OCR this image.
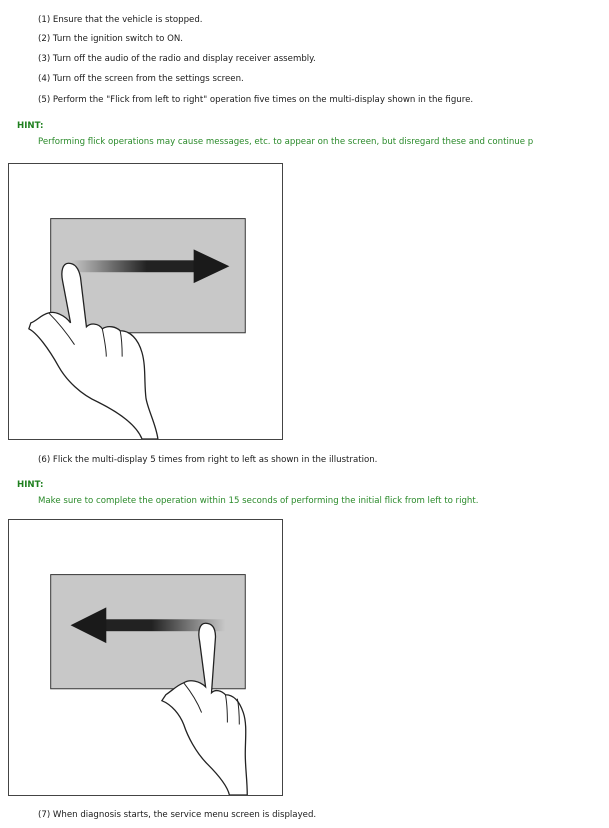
(1) Ensure that the vehicle is stopped.
(2) Turn the ignition switch to ON.
(3) Turn off the audio of the radio and display receiver assembly.
(4) Turn off the screen from the settings screen.
(5) Perform the "Flick from left to right" operation five times on the multi-display shown in the figure.
HINT:
Performing flick operations may cause messages, etc. to appear on the screen, but disregard these and continue p
(6) Flick the multi-display 5 times from right to left as shown in the illustration.
HINT:
Make sure to complete the operation within 15 seconds of performing the initial flick from left to right.
(7) When diagnosis starts, the service menu screen is displayed.
